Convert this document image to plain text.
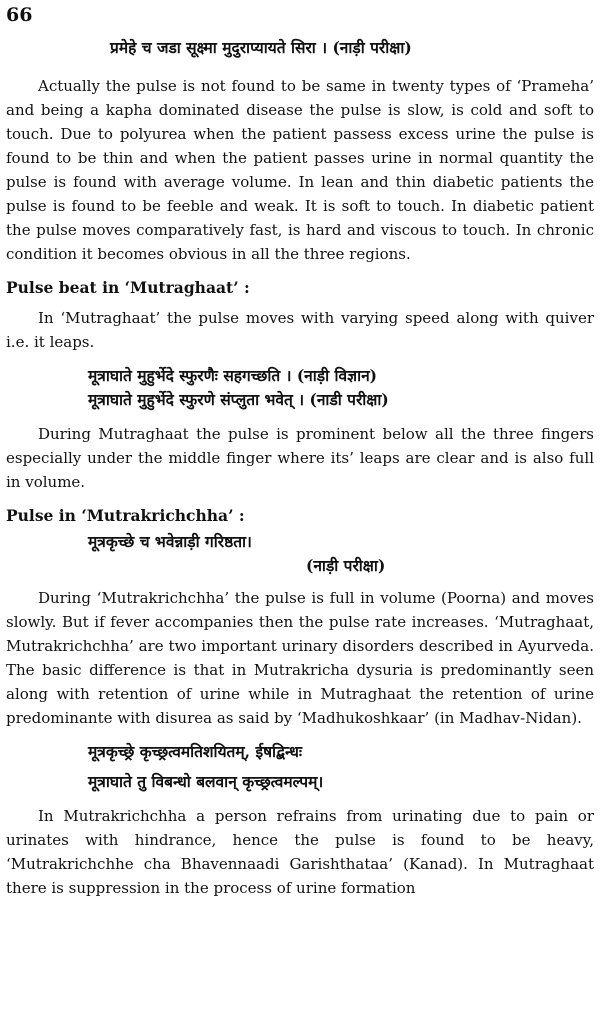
66

प्रमेहे च जडा सूक्ष्मा मुदुराप्यायते सिरा । (नाड़ी परीक्षा)

Actually the pulse is not found to be same in twenty types of ‘Prameha’ and being a kapha dominated disease the pulse is slow, is cold and soft to touch. Due to polyurea when the patient passess excess urine the pulse is found to be thin and when the patient passes urine in normal quantity the pulse is found with average volume. In lean and thin diabetic patients the pulse is found to be feeble and weak. It is soft to touch. In diabetic patient the pulse moves comparatively fast, is hard and viscous to touch. In chronic condition it becomes obvious in all the three regions.

Pulse beat in ‘Mutraghaat’ :

In ‘Mutraghaat’ the pulse moves with varying speed along with quiver i.e. it leaps.

मूत्राघाते मुहुर्भेदे स्फुरणैः सहगच्छति । (नाड़ी विज्ञान)

मूत्राघाते मुहुर्भेदे स्फुरणे संप्लुता भवेत् । (नाडी परीक्षा)

During Mutraghaat the pulse is prominent below all the three fingers especially under the middle finger where its’ leaps are clear and is also full in volume.

Pulse in ‘Mutrakrichchha’ :

मूत्रकृच्छे च भवेन्नाड़ी गरिष्ठता।

(नाड़ी परीक्षा)

During ‘Mutrakrichchha’ the pulse is full in volume (Poorna) and moves slowly. But if fever accompanies then the pulse rate increases. ‘Mutraghaat, Mutrakrichchha’ are two important urinary disorders described in Ayurveda. The basic difference is that in Mutrakricha dysuria is predominantly seen along with retention of urine while in Mutraghaat the retention of urine predominante with disurea as said by ‘Madhukoshkaar’ (in Madhav-Nidan).

मूत्रकृच्छ्रे कृच्छ्रत्वमतिशयितम्, ईषद्बिन्धः

मूत्राघाते तु विबन्धो बलवान् कृच्छ्रत्वमल्पम्।

In Mutrakrichchha a person refrains from urinating due to pain or urinates with hindrance, hence the pulse is found to be heavy, ‘Mutrakrichchhe cha Bhavennaadi Garishthataa’ (Kanad). In Mutraghaat there is suppression in the process of urine formation
